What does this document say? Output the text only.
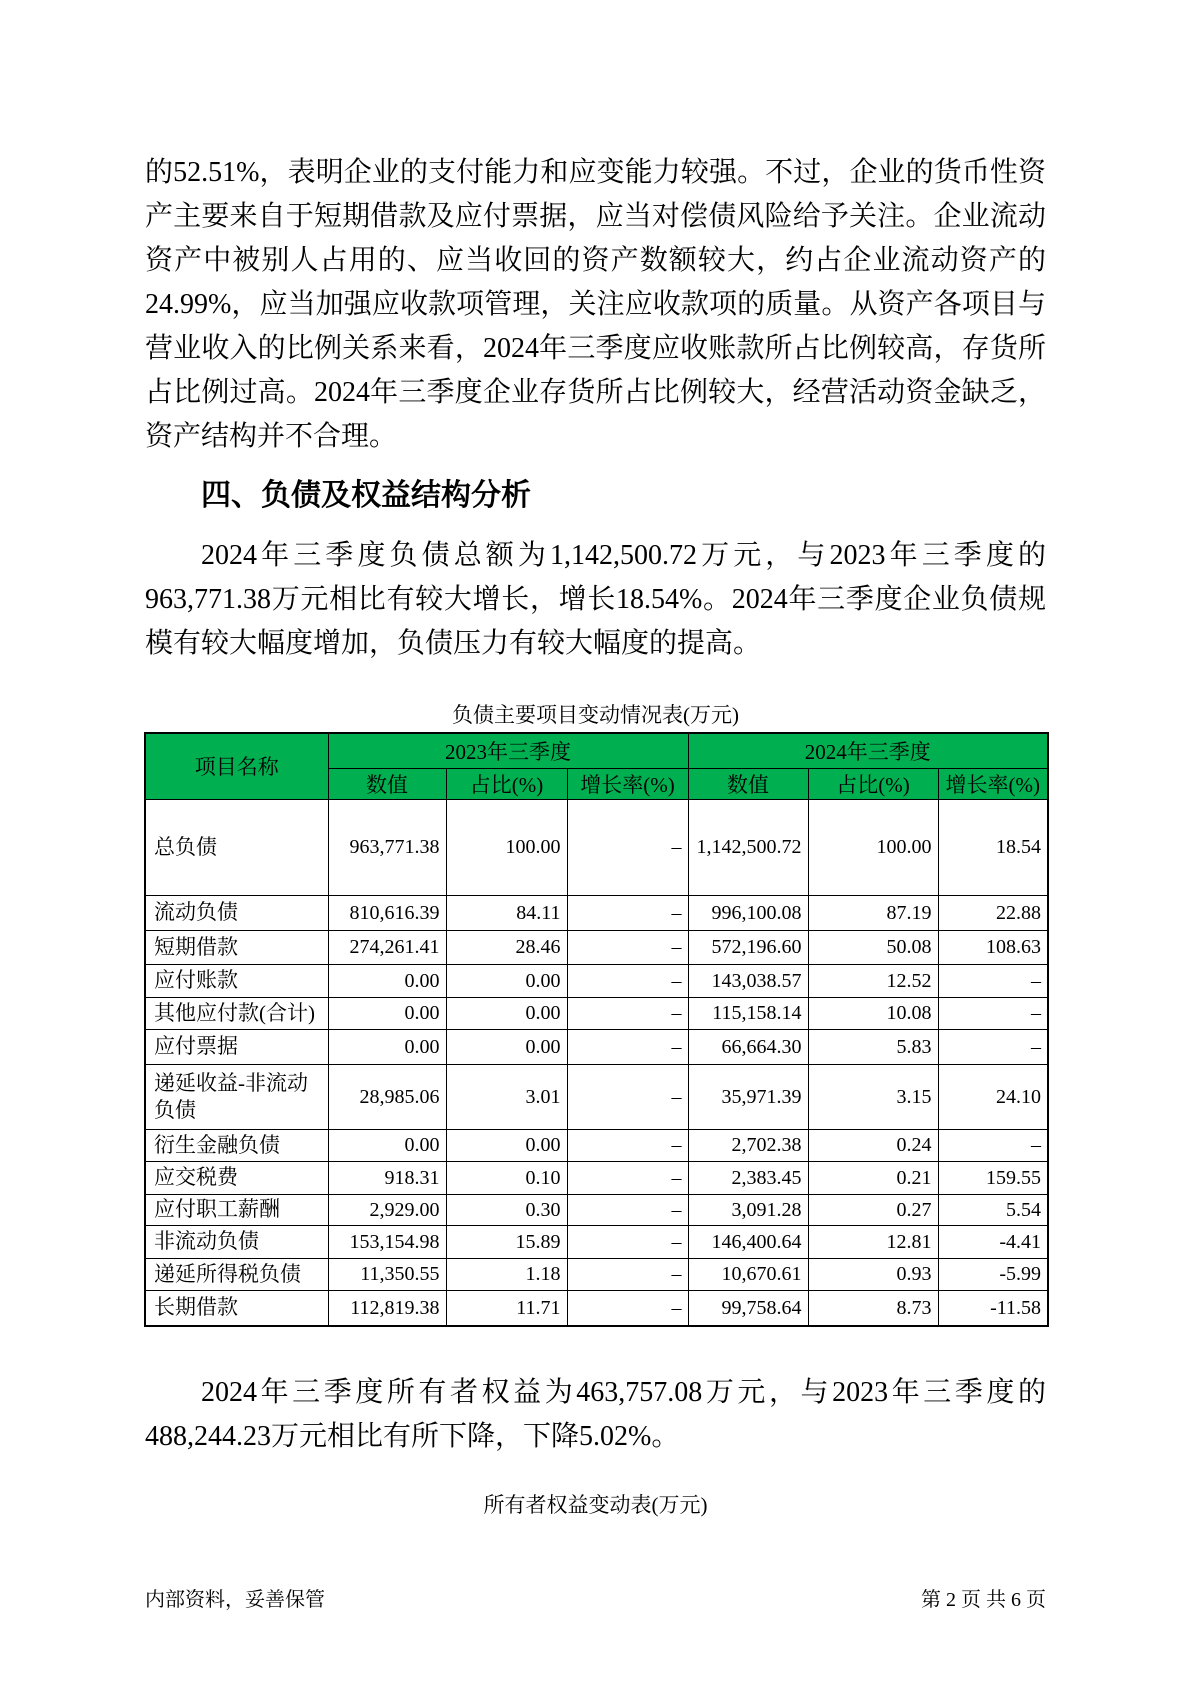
的52.51%，表明企业的支付能力和应变能力较强。不过，企业的货币性资
产主要来自于短期借款及应付票据，应当对偿债风险给予关注。企业流动
资产中被别人占用的、应当收回的资产数额较大，约占企业流动资产的
24.99%，应当加强应收款项管理，关注应收款项的质量。从资产各项目与
营业收入的比例关系来看，2024年三季度应收账款所占比例较高，存货所
占比例过高。2024年三季度企业存货所占比例较大，经营活动资金缺乏，
资产结构并不合理。
四、负债及权益结构分析
2024年三季度负债总额为1,142,500.72万元，与2023年三季度的
963,771.38万元相比有较大增长，增长18.54%。2024年三季度企业负债规
模有较大幅度增加，负债压力有较大幅度的提高。
负债主要项目变动情况表(万元)
项目名称	2023年三季度			2024年三季度		
	数值	占比(%)	增长率(%)	数值	占比(%)	增长率(%)
总负债	963,771.38	100.00	–	1,142,500.72	100.00	18.54
流动负债	810,616.39	84.11	–	996,100.08	87.19	22.88
短期借款	274,261.41	28.46	–	572,196.60	50.08	108.63
应付账款	0.00	0.00	–	143,038.57	12.52	–
其他应付款(合计)	0.00	0.00	–	115,158.14	10.08	–
应付票据	0.00	0.00	–	66,664.30	5.83	–
递延收益-非流动负债	28,985.06	3.01	–	35,971.39	3.15	24.10
衍生金融负债	0.00	0.00	–	2,702.38	0.24	–
应交税费	918.31	0.10	–	2,383.45	0.21	159.55
应付职工薪酬	2,929.00	0.30	–	3,091.28	0.27	5.54
非流动负债	153,154.98	15.89	–	146,400.64	12.81	-4.41
递延所得税负债	11,350.55	1.18	–	10,670.61	0.93	-5.99
长期借款	112,819.38	11.71	–	99,758.64	8.73	-11.58
2024年三季度所有者权益为463,757.08万元，与2023年三季度的
488,244.23万元相比有所下降，下降5.02%。
所有者权益变动表(万元)
内部资料，妥善保管	第 2 页 共 6 页
